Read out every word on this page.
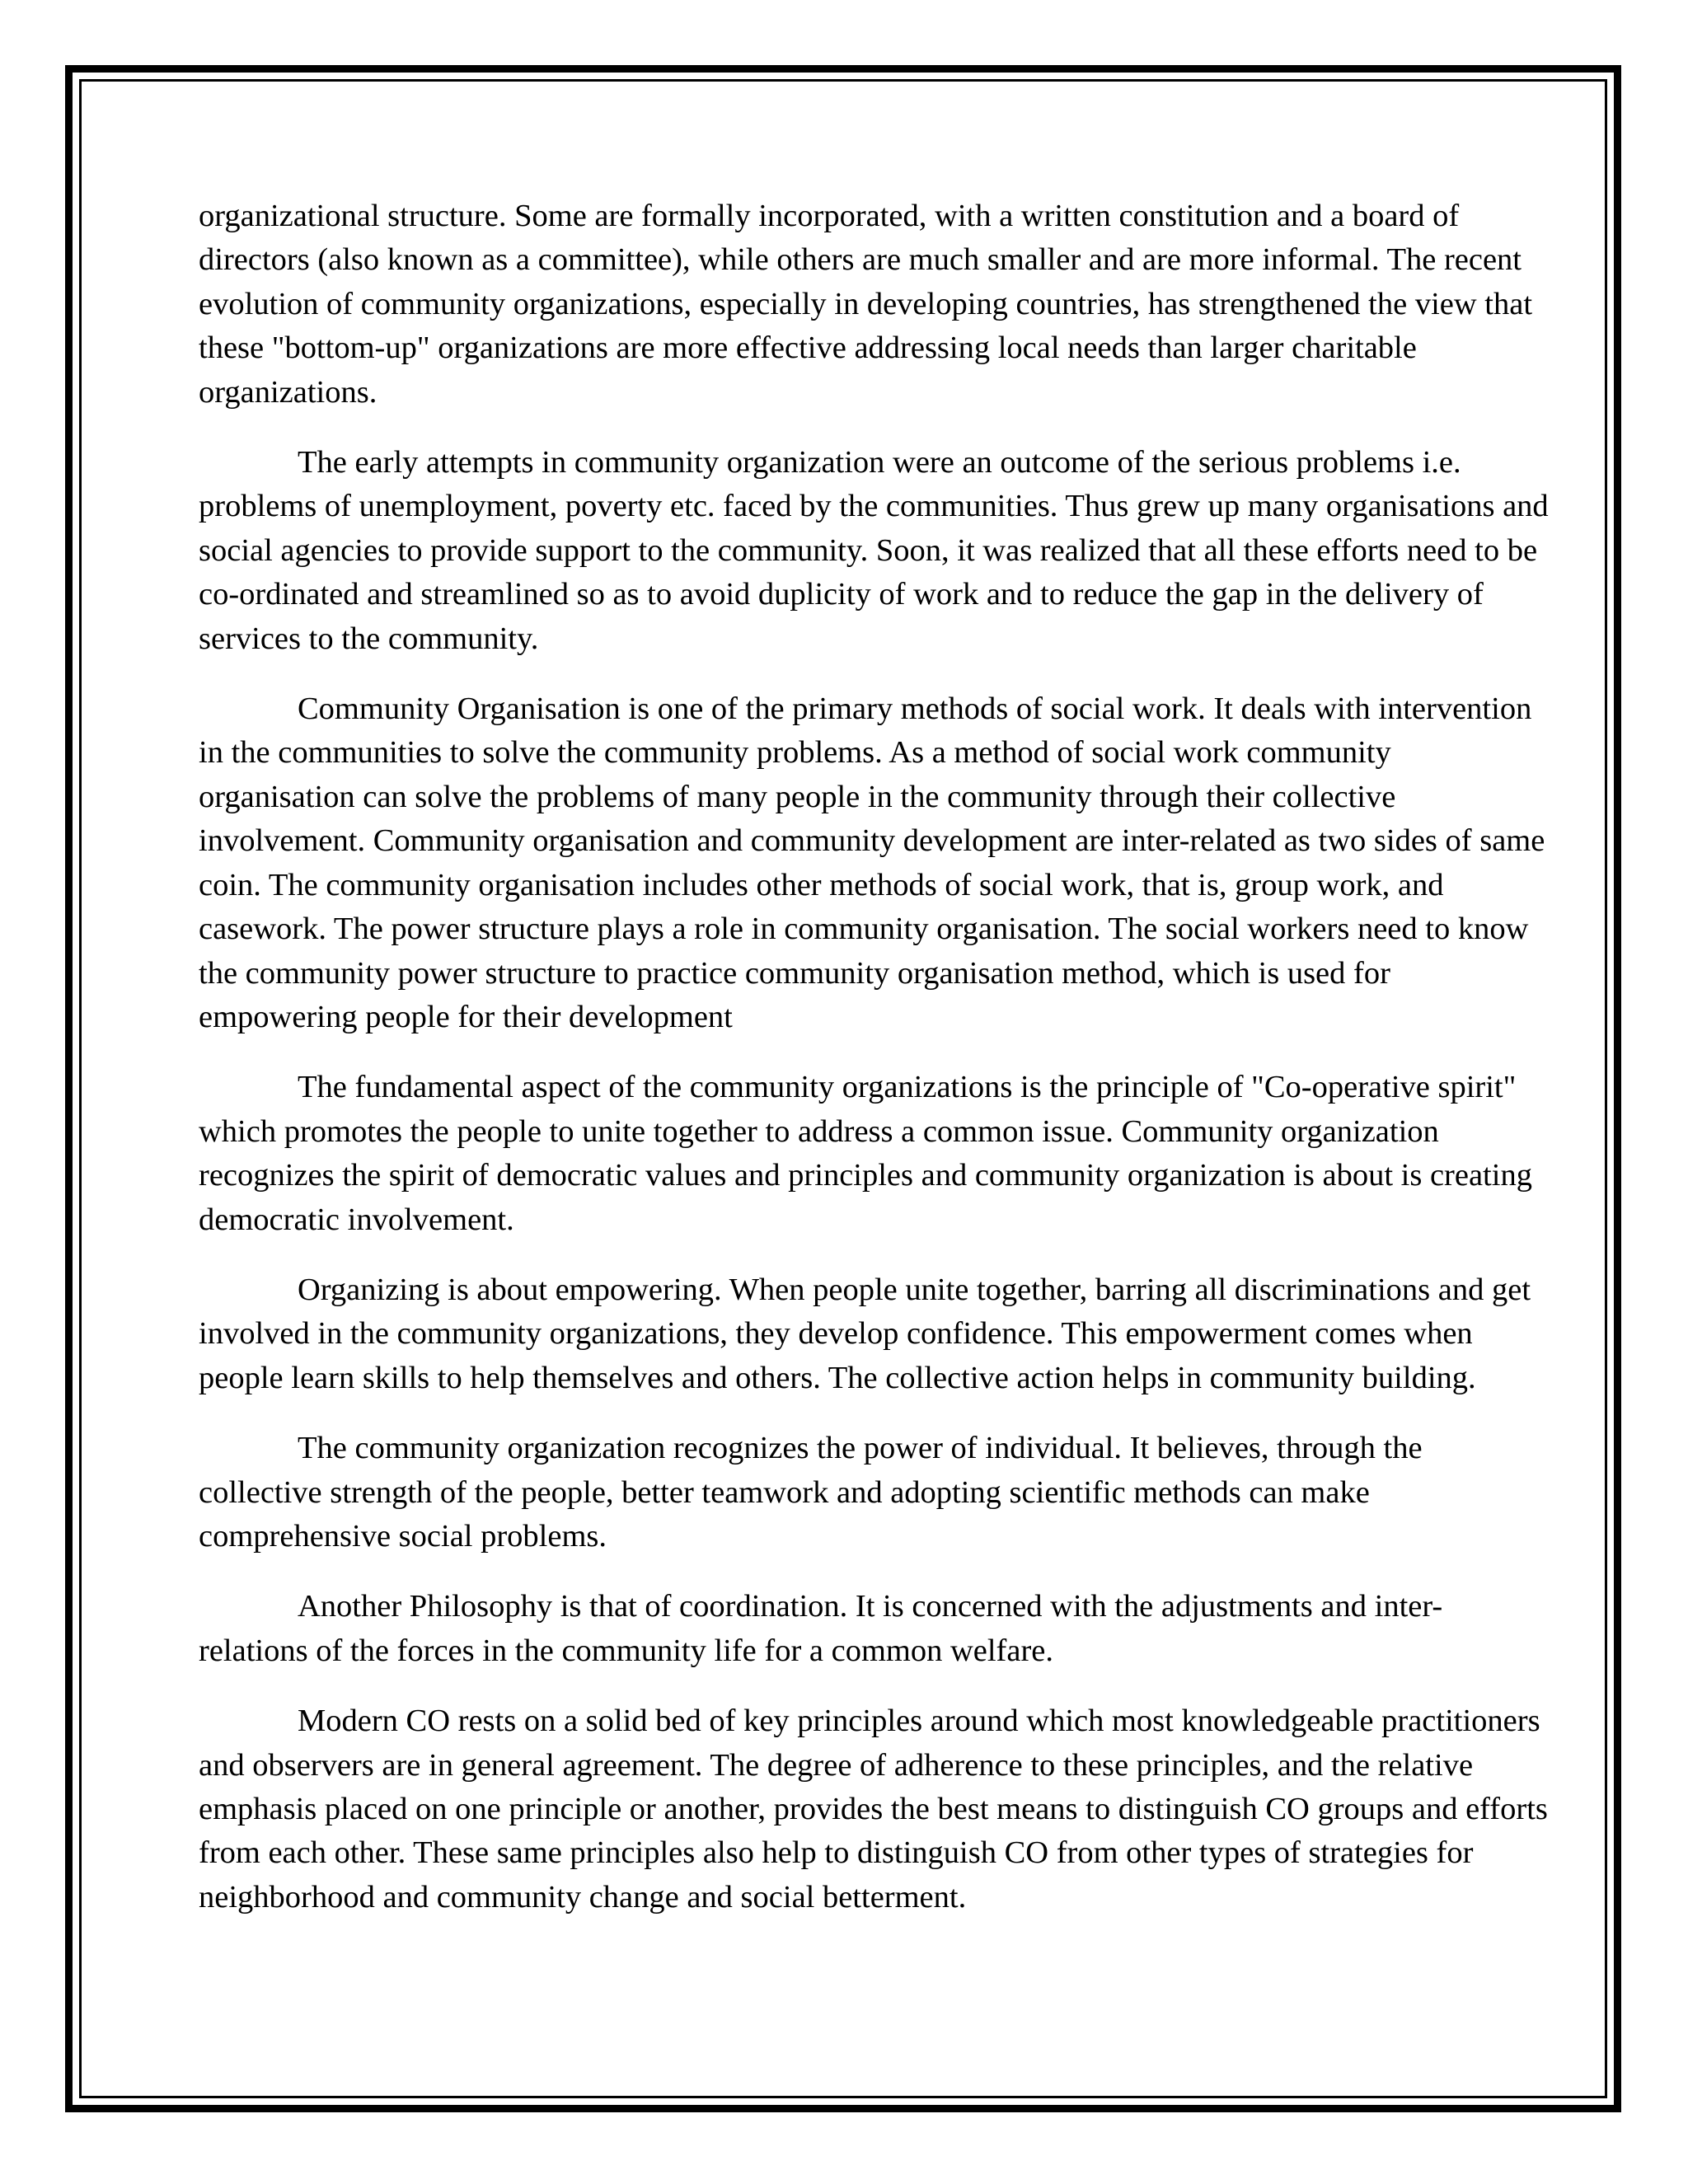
organizational structure. Some are formally incorporated, with a written constitution and a board of directors (also known as a committee), while others are much smaller and are more informal. The recent evolution of community organizations, especially in developing countries, has strengthened the view that these "bottom-up" organizations are more effective addressing local needs than larger charitable organizations.

The early attempts in community organization were an outcome of the serious problems i.e. problems of unemployment, poverty etc. faced by the communities. Thus grew up many organisations and social agencies to provide support to the community. Soon, it was realized that all these efforts need to be co-ordinated and streamlined so as to avoid duplicity of work and to reduce the gap in the delivery of services to the community.

Community Organisation is one of the primary methods of social work. It deals with intervention in the communities to solve the community problems. As a method of social work community organisation can solve the problems of many people in the community through their collective involvement. Community organisation and community development are inter-related as two sides of same coin. The community organisation includes other methods of social work, that is, group work, and casework. The power structure plays a role in community organisation. The social workers need to know the community power structure to practice community organisation method, which is used for empowering people for their development

The fundamental aspect of the community organizations is the principle of "Co-operative spirit" which promotes the people to unite together to address a common issue. Community organization recognizes the spirit of democratic values and principles and community organization is about is creating democratic involvement.

Organizing is about empowering. When people unite together, barring all discriminations and get involved in the community organizations, they develop confidence. This empowerment comes when people learn skills to help themselves and others. The collective action helps in community building.

The community organization recognizes the power of individual. It believes, through the collective strength of the people, better teamwork and adopting scientific methods can make comprehensive social problems.

Another Philosophy is that of coordination. It is concerned with the adjustments and inter-relations of the forces in the community life for a common welfare.

Modern CO rests on a solid bed of key principles around which most knowledgeable practitioners and observers are in general agreement. The degree of adherence to these principles, and the relative emphasis placed on one principle or another, provides the best means to distinguish CO groups and efforts from each other. These same principles also help to distinguish CO from other types of strategies for neighborhood and community change and social betterment.
